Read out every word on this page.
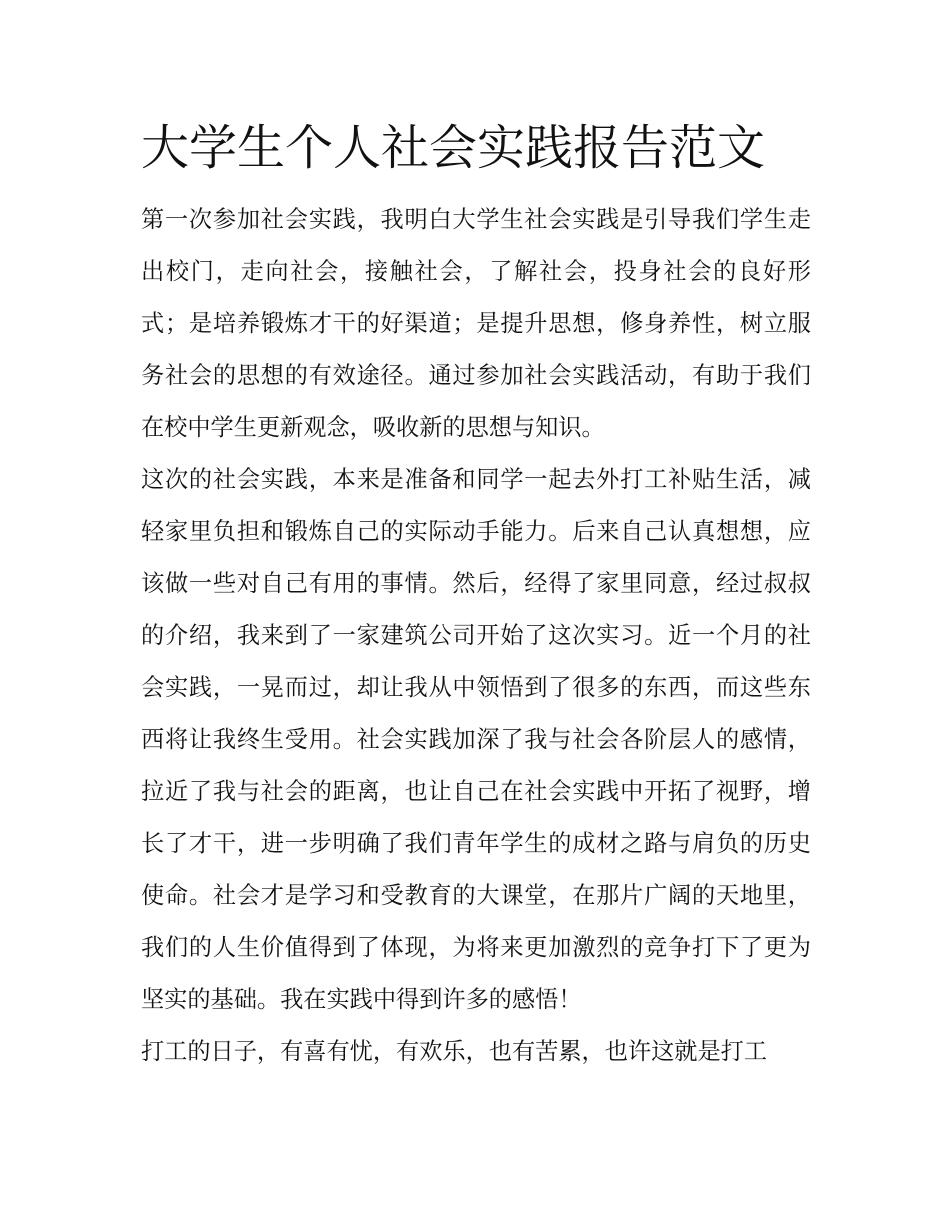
大学生个人社会实践报告范文

第一次参加社会实践，我明白大学生社会实践是引导我们学生走出校门，走向社会，接触社会，了解社会，投身社会的良好形式；是培养锻炼才干的好渠道；是提升思想，修身养性，树立服务社会的思想的有效途径。通过参加社会实践活动，有助于我们在校中学生更新观念，吸收新的思想与知识。

这次的社会实践，本来是准备和同学一起去外打工补贴生活，减轻家里负担和锻炼自己的实际动手能力。后来自己认真想想，应该做一些对自己有用的事情。然后，经得了家里同意，经过叔叔的介绍，我来到了一家建筑公司开始了这次实习。近一个月的社会实践，一晃而过，却让我从中领悟到了很多的东西，而这些东西将让我终生受用。社会实践加深了我与社会各阶层人的感情，拉近了我与社会的距离，也让自己在社会实践中开拓了视野，增长了才干，进一步明确了我们青年学生的成材之路与肩负的历史使命。社会才是学习和受教育的大课堂，在那片广阔的天地里，我们的人生价值得到了体现，为将来更加激烈的竞争打下了更为坚实的基础。我在实践中得到许多的感悟！

打工的日子，有喜有忧，有欢乐，也有苦累，也许这就是打工
